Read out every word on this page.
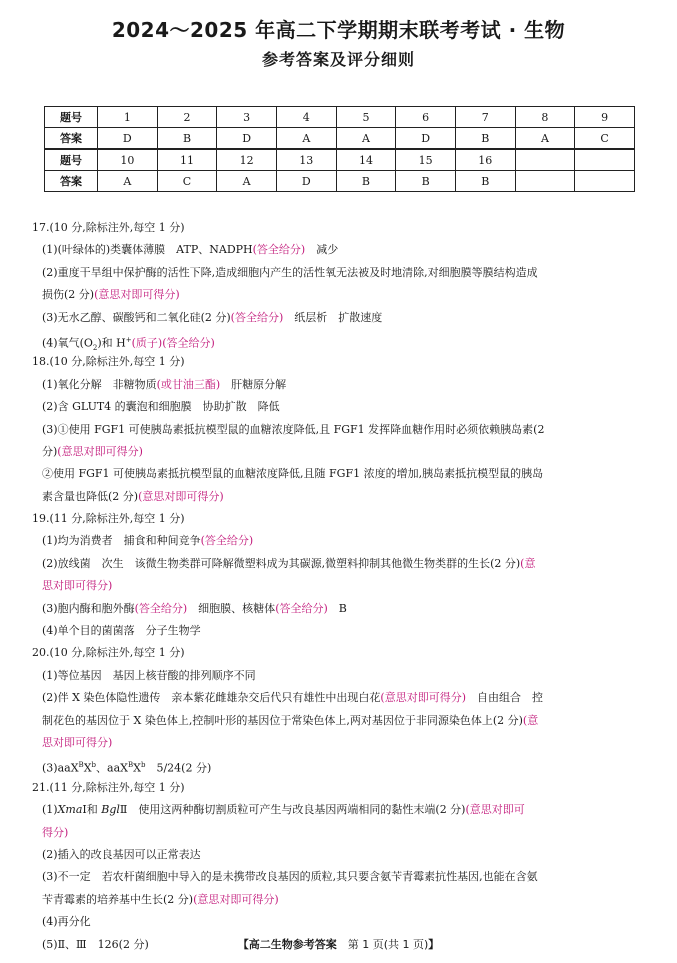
2024～2025 年高二下学期期末联考考试 · 生物
参考答案及评分细则
题号	1	2	3	4	5	6	7	8	9
答案	D	B	D	A	A	D	B	A	C
题号	10	11	12	13	14	15	16		
答案	A	C	A	D	B	B	B		
17.(10 分,除标注外,每空 1 分)
(1)(叶绿体的)类囊体薄膜　ATP、NADPH(答全给分)　减少
(2)重度干旱组中保护酶的活性下降,造成细胞内产生的活性氧无法被及时地清除,对细胞膜等膜结构造成
损伤(2 分)(意思对即可得分)
(3)无水乙醇、碳酸钙和二氧化硅(2 分)(答全给分)　纸层析　扩散速度
(4)氧气$(O_2)$和 H+(质子)(答全给分)
18.(10 分,除标注外,每空 1 分)
(1)氧化分解　非糖物质(或甘油三酯)　肝糖原分解
(2)含 GLUT4 的囊泡和细胞膜　协助扩散　降低
(3)①使用 FGF1 可使胰岛素抵抗模型鼠的血糖浓度降低,且 FGF1 发挥降血糖作用时必须依赖胰岛素(2
分)(意思对即可得分)
②使用 FGF1 可使胰岛素抵抗模型鼠的血糖浓度降低,且随 FGF1 浓度的增加,胰岛素抵抗模型鼠的胰岛
素含量也降低(2 分)(意思对即可得分)
19.(11 分,除标注外,每空 1 分)
(1)均为消费者　捕食和种间竞争(答全给分)
(2)放线菌　次生　该微生物类群可降解微塑料成为其碳源,微塑料抑制其他微生物类群的生长(2 分)(意
思对即可得分)
(3)胞内酶和胞外酶(答全给分)　细胞膜、核糖体(答全给分)　B
(4)单个目的菌菌落　分子生物学
20.(10 分,除标注外,每空 1 分)
(1)等位基因　基因上核苷酸的排列顺序不同
(2)伴 X 染色体隐性遗传　亲本紫花雌雄杂交后代只有雄性中出现白花(意思对即可得分)　自由组合　控
制花色的基因位于 X 染色体上,控制叶形的基因位于常染色体上,两对基因位于非同源染色体上(2 分)(意
思对即可得分)
$(3)aaX^BX^b$、$aaX^BX^b$　5/24(2 分)
21.(11 分,除标注外,每空 1 分)
(1)XmaⅠ和 BglⅡ　使用这两种酶切割质粒可产生与改良基因两端相同的黏性末端(2 分)(意思对即可
得分)
(2)插入的改良基因可以正常表达
(3)不一定　若农杆菌细胞中导入的是未携带改良基因的质粒,其只要含氨苄青霉素抗性基因,也能在含氨
苄青霉素的培养基中生长(2 分)(意思对即可得分)
(4)再分化
(5)Ⅱ、Ⅲ　126(2 分)	【高二生物参考答案　第 1 页(共 1 页)】
